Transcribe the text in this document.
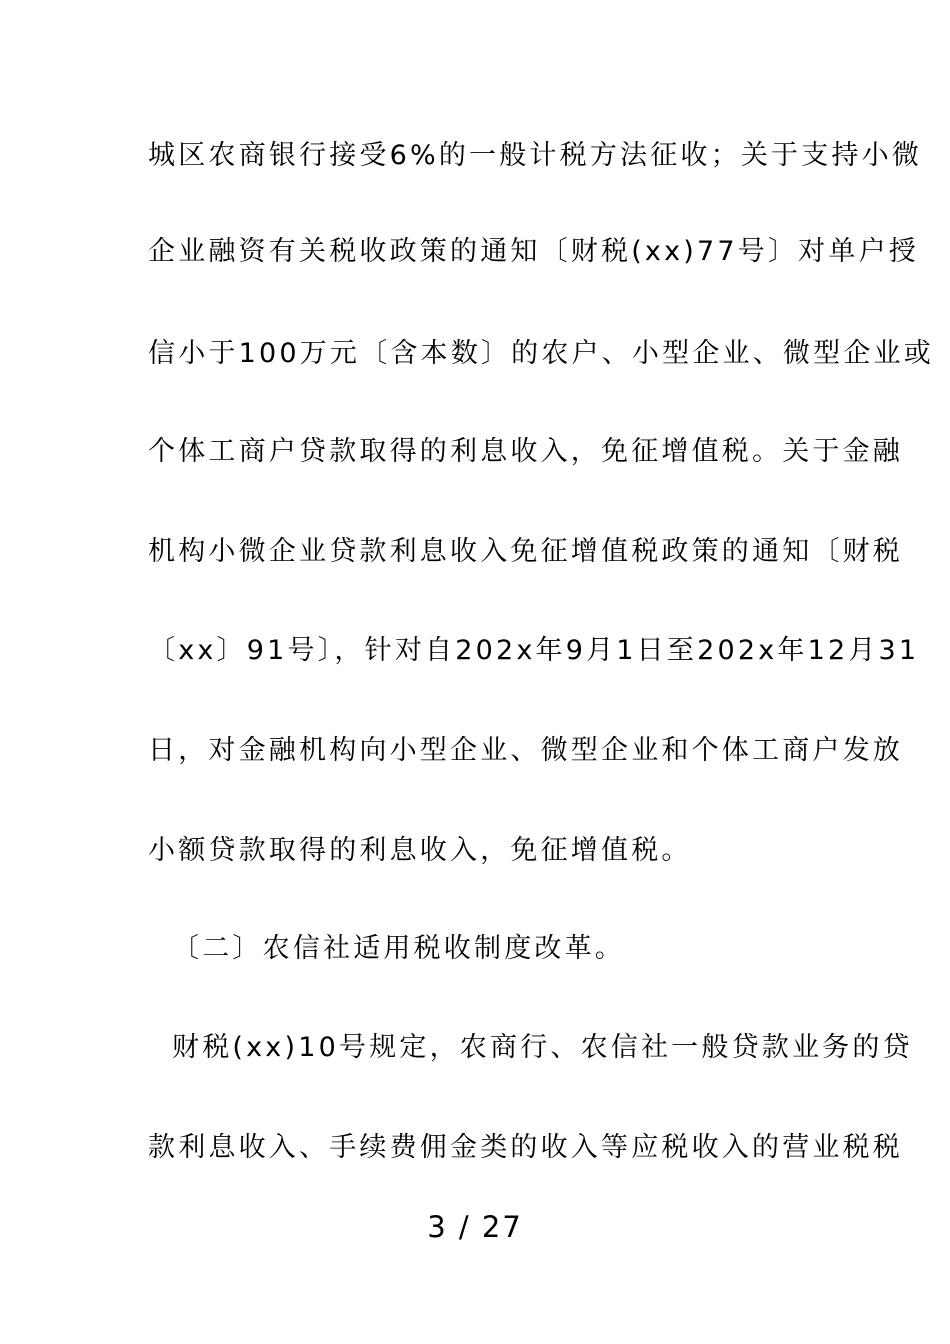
城区农商银行接受6%的一般计税方法征收；关于支持小微
企业融资有关税收政策的通知〔财税(xx)77号〕对单户授
信小于100万元〔含本数〕的农户、小型企业、微型企业或
个体工商户贷款取得的利息收入，免征增值税。关于金融
机构小微企业贷款利息收入免征增值税政策的通知〔财税
〔xx〕91号〕，针对自202x年9月1日至202x年12月31
日，对金融机构向小型企业、微型企业和个体工商户发放
小额贷款取得的利息收入，免征增值税。
〔二〕农信社适用税收制度改革。
财税(xx)10号规定，农商行、农信社一般贷款业务的贷
款利息收入、手续费佣金类的收入等应税收入的营业税税
3 / 27
